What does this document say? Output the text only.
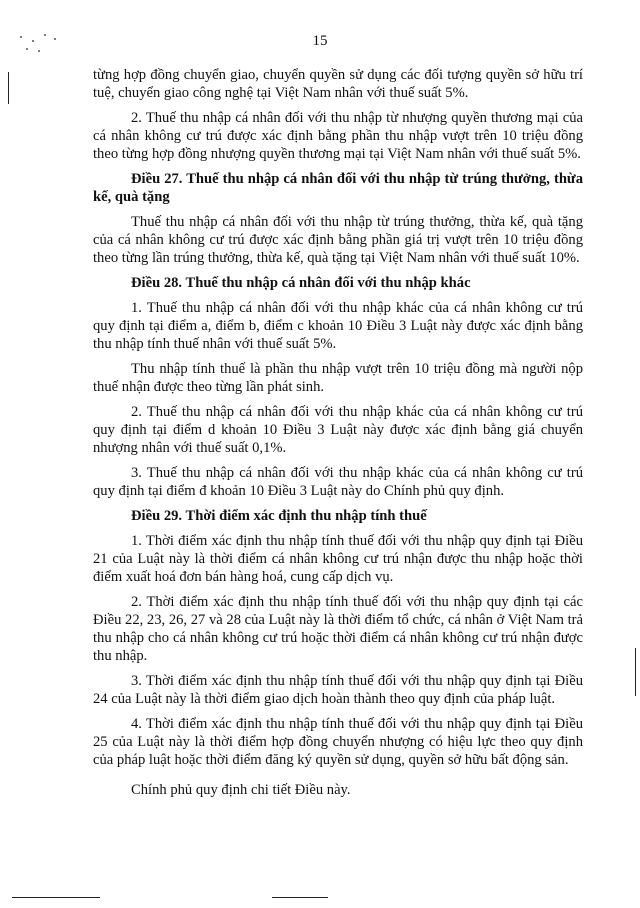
15

từng hợp đồng chuyển giao, chuyển quyền sử dụng các đối tượng quyền sở hữu trí tuệ, chuyển giao công nghệ tại Việt Nam nhân với thuế suất 5%.

2. Thuế thu nhập cá nhân đối với thu nhập từ nhượng quyền thương mại của cá nhân không cư trú được xác định bằng phần thu nhập vượt trên 10 triệu đồng theo từng hợp đồng nhượng quyền thương mại tại Việt Nam nhân với thuế suất 5%.

Điều 27. Thuế thu nhập cá nhân đối với thu nhập từ trúng thưởng, thừa kế, quà tặng

Thuế thu nhập cá nhân đối với thu nhập từ trúng thưởng, thừa kế, quà tặng của cá nhân không cư trú được xác định bằng phần giá trị vượt trên 10 triệu đồng theo từng lần trúng thưởng, thừa kế, quà tặng tại Việt Nam nhân với thuế suất 10%.

Điều 28. Thuế thu nhập cá nhân đối với thu nhập khác

1. Thuế thu nhập cá nhân đối với thu nhập khác của cá nhân không cư trú quy định tại điểm a, điểm b, điểm c khoản 10 Điều 3 Luật này được xác định bằng thu nhập tính thuế nhân với thuế suất 5%.

Thu nhập tính thuế là phần thu nhập vượt trên 10 triệu đồng mà người nộp thuế nhận được theo từng lần phát sinh.

2. Thuế thu nhập cá nhân đối với thu nhập khác của cá nhân không cư trú quy định tại điểm d khoản 10 Điều 3 Luật này được xác định bằng giá chuyển nhượng nhân với thuế suất 0,1%.

3. Thuế thu nhập cá nhân đối với thu nhập khác của cá nhân không cư trú quy định tại điểm đ khoản 10 Điều 3 Luật này do Chính phủ quy định.

Điều 29. Thời điểm xác định thu nhập tính thuế

1. Thời điểm xác định thu nhập tính thuế đối với thu nhập quy định tại Điều 21 của Luật này là thời điểm cá nhân không cư trú nhận được thu nhập hoặc thời điểm xuất hoá đơn bán hàng hoá, cung cấp dịch vụ.

2. Thời điểm xác định thu nhập tính thuế đối với thu nhập quy định tại các Điều 22, 23, 26, 27 và 28 của Luật này là thời điểm tổ chức, cá nhân ở Việt Nam trả thu nhập cho cá nhân không cư trú hoặc thời điểm cá nhân không cư trú nhận được thu nhập.

3. Thời điểm xác định thu nhập tính thuế đối với thu nhập quy định tại Điều 24 của Luật này là thời điểm giao dịch hoàn thành theo quy định của pháp luật.

4. Thời điểm xác định thu nhập tính thuế đối với thu nhập quy định tại Điều 25 của Luật này là thời điểm hợp đồng chuyển nhượng có hiệu lực theo quy định của pháp luật hoặc thời điểm đăng ký quyền sử dụng, quyền sở hữu bất động sản.

Chính phủ quy định chi tiết Điều này.
